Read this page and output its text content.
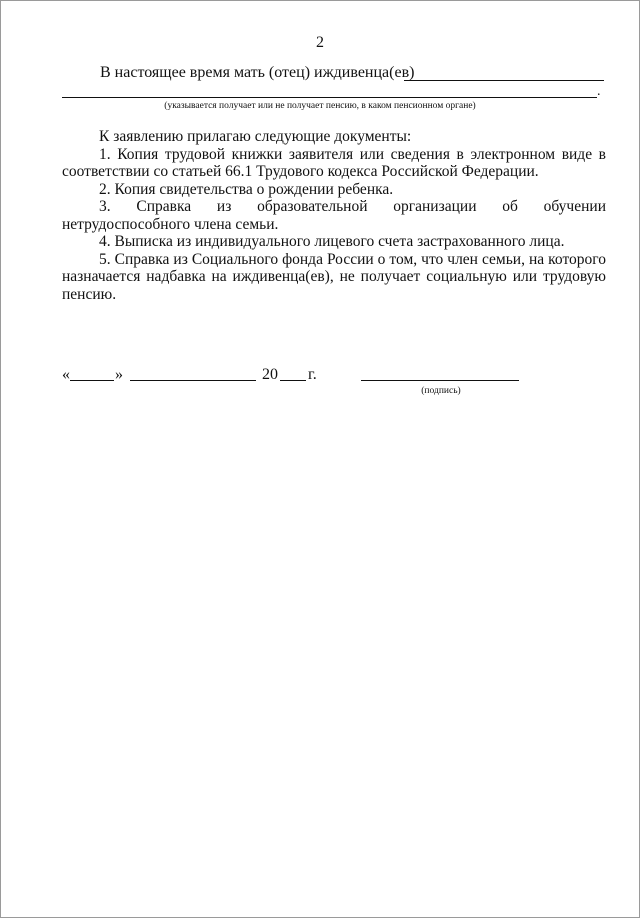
2
В настоящее время мать (отец) иждивенца(ев)
.
(указывается получает или не получает пенсию, в каком пенсионном органе)

К заявлению прилагаю следующие документы:

1. Копия трудовой книжки заявителя или сведения в электронном виде в соответствии со статьей 66.1 Трудового кодекса Российской Федерации.

2. Копия свидетельства о рождении ребенка.

3. Справка из образовательной организации об обучении нетрудоспособного члена семьи.

4. Выписка из индивидуального лицевого счета застрахованного лица.

5. Справка из Социального фонда России о том, что член семьи, на которого назначается надбавка на иждивенца(ев), не получает социальную или трудовую пенсию.

«	»	20 г.
(подпись)
